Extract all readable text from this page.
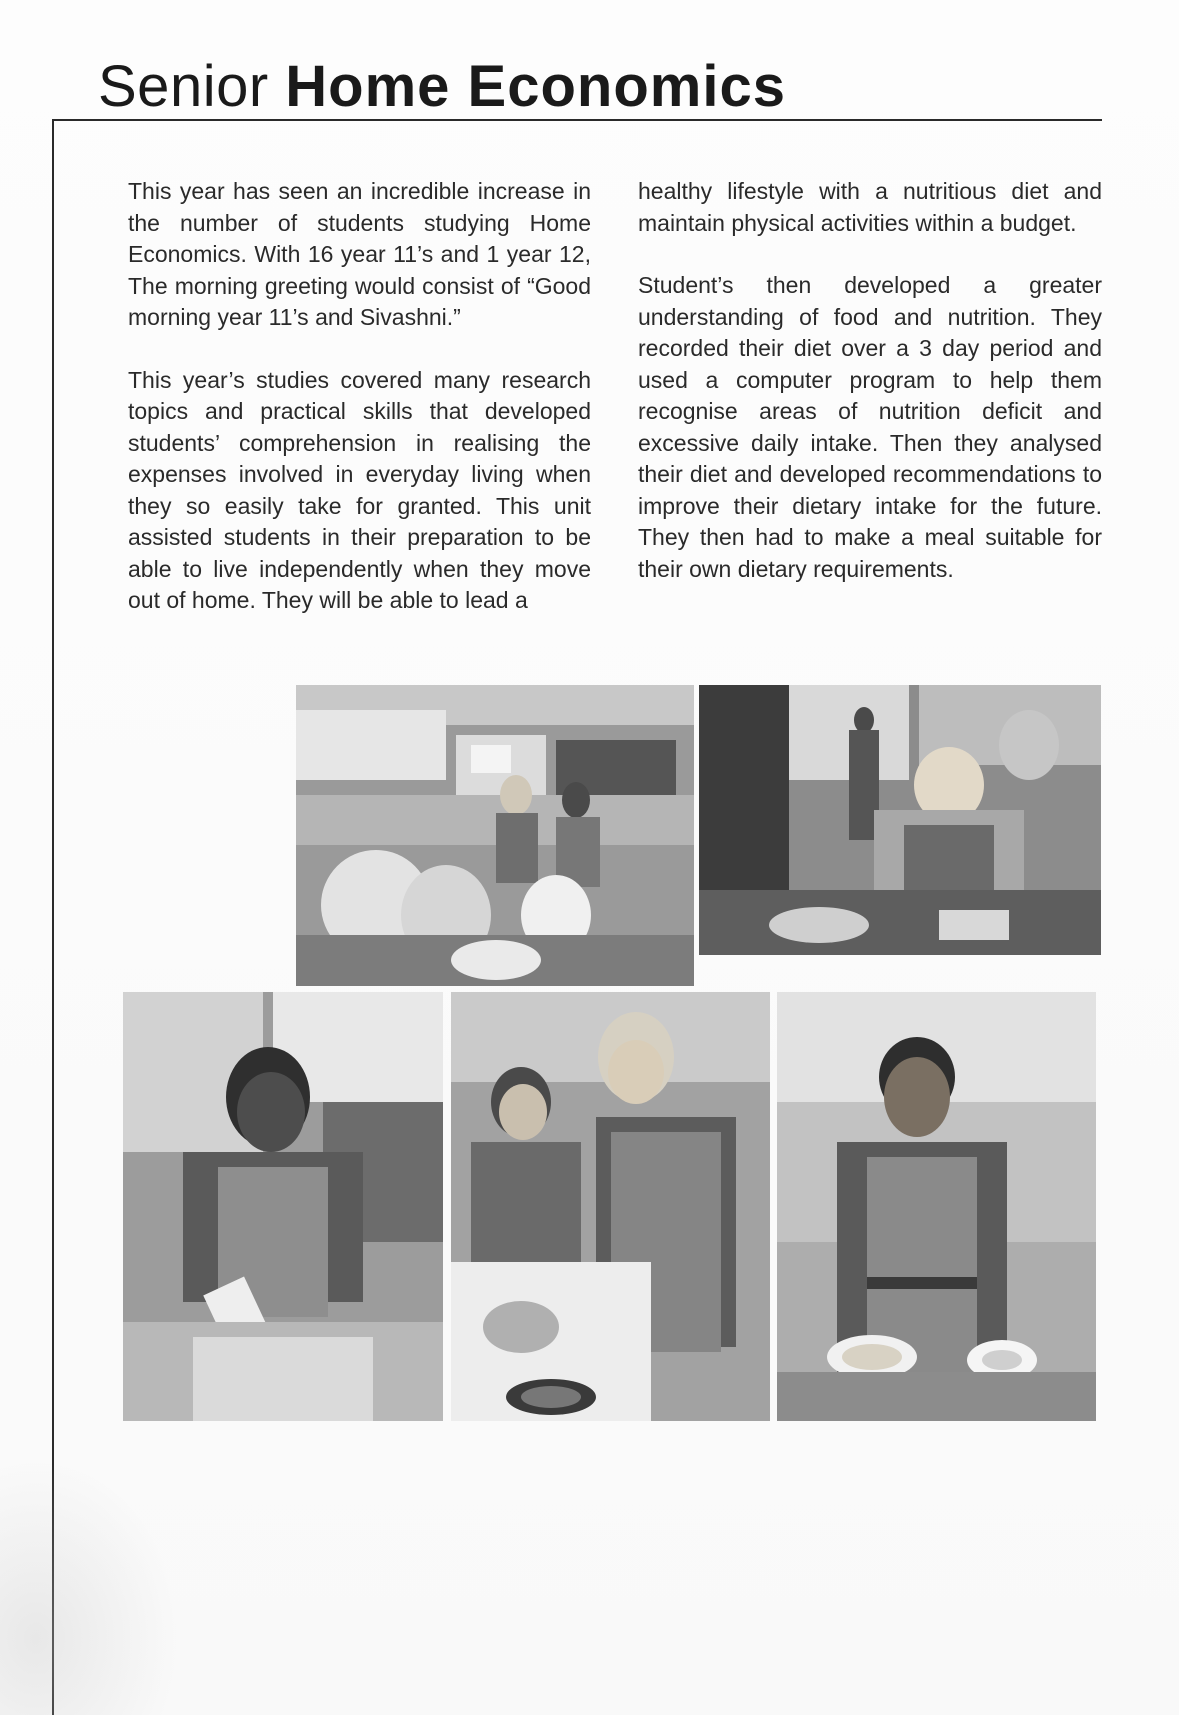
Senior Home Economics

This year has seen an incredible increase in the number of students studying Home Economics. With 16 year 11’s and 1 year 12, The morning greeting would consist of “Good morning year 11’s and Sivashni.”

This year’s studies covered many research topics and practical skills that developed students’ comprehension in realising the expenses involved in everyday living when they so easily take for granted. This unit assisted students in their preparation to be able to live independently when they move out of home. They will be able to lead a

healthy lifestyle with a nutritious diet and maintain physical activities within a budget.

Student’s then developed a greater understanding of food and nutrition. They recorded their diet over a 3 day period and used a computer program to help them recognise areas of nutrition deficit and excessive daily intake. Then they analysed their diet and developed recommendations to improve their dietary intake for the future. They then had to make a meal suitable for their own dietary requirements.
